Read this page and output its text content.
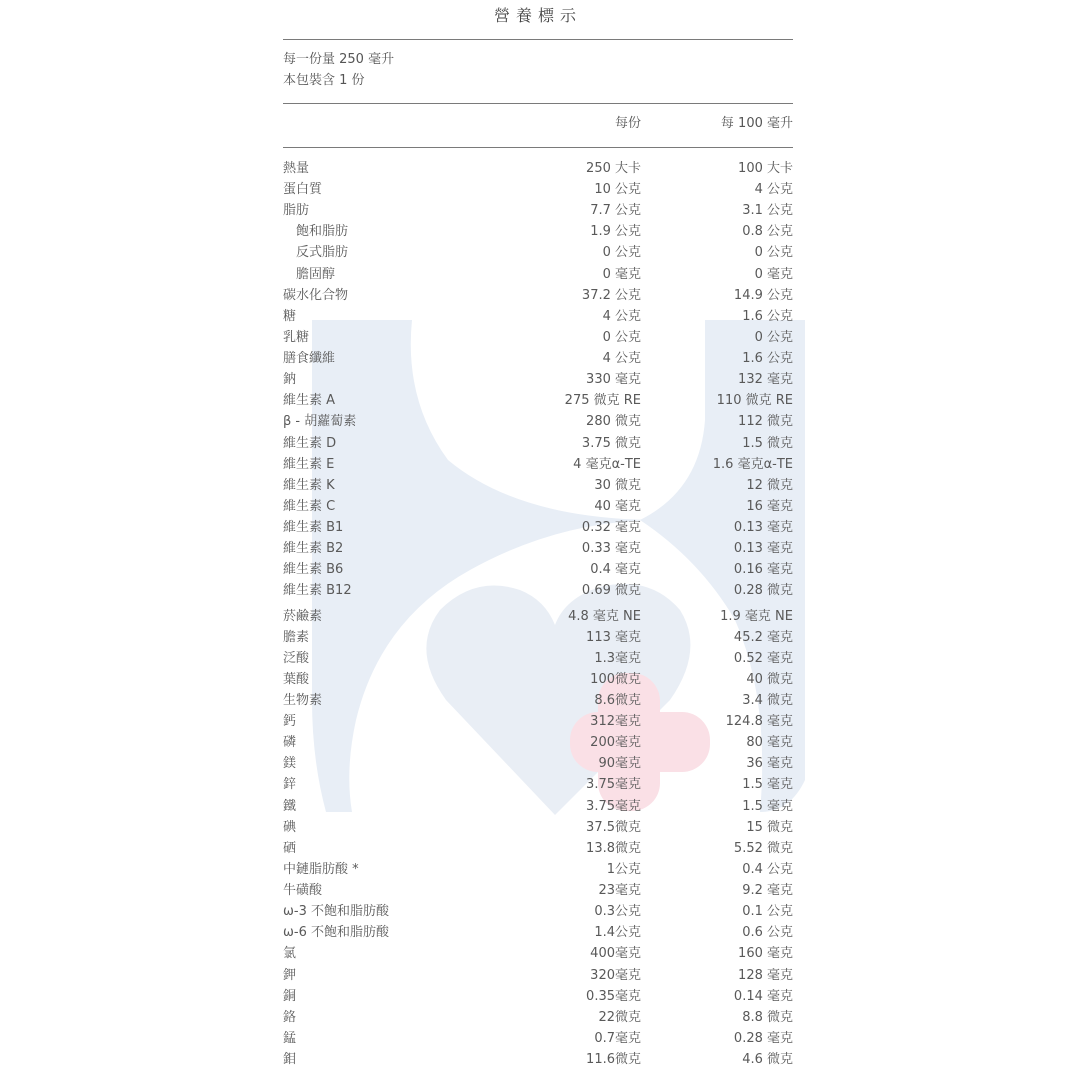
營養標示
每一份量 250 毫升
本包裝含 1 份
每份	每 100 毫升
熱量	250 大卡	100 大卡
蛋白質	10 公克	4 公克
脂肪	7.7 公克	3.1 公克
飽和脂肪	1.9 公克	0.8 公克
反式脂肪	0 公克	0 公克
膽固醇	0 毫克	0 毫克
碳水化合物	37.2 公克	14.9 公克
糖	4 公克	1.6 公克
乳糖	0 公克	0 公克
膳食纖維	4 公克	1.6 公克
鈉	330 毫克	132 毫克
維生素 A	275 微克 RE	110 微克 RE
β - 胡蘿蔔素	280 微克	112 微克
維生素 D	3.75 微克	1.5 微克
維生素 E	4 毫克α-TE	1.6 毫克α-TE
維生素 K	30 微克	12 微克
維生素 C	40 毫克	16 毫克
維生素 B1	0.32 毫克	0.13 毫克
維生素 B2	0.33 毫克	0.13 毫克
維生素 B6	0.4 毫克	0.16 毫克
維生素 B12	0.69 微克	0.28 微克
菸鹼素	4.8 毫克 NE	1.9 毫克 NE
膽素	113 毫克	45.2 毫克
泛酸	1.3毫克	0.52 毫克
葉酸	100微克	40 微克
生物素	8.6微克	3.4 微克
鈣	312毫克	124.8 毫克
磷	200毫克	80 毫克
鎂	90毫克	36 毫克
鋅	3.75毫克	1.5 毫克
鐵	3.75毫克	1.5 毫克
碘	37.5微克	15 微克
硒	13.8微克	5.52 微克
中鏈脂肪酸 *	1公克	0.4 公克
牛磺酸	23毫克	9.2 毫克
ω-3 不飽和脂肪酸	0.3公克	0.1 公克
ω-6 不飽和脂肪酸	1.4公克	0.6 公克
氯	400毫克	160 毫克
鉀	320毫克	128 毫克
銅	0.35毫克	0.14 毫克
鉻	22微克	8.8 微克
錳	0.7毫克	0.28 毫克
鉬	11.6微克	4.6 微克
